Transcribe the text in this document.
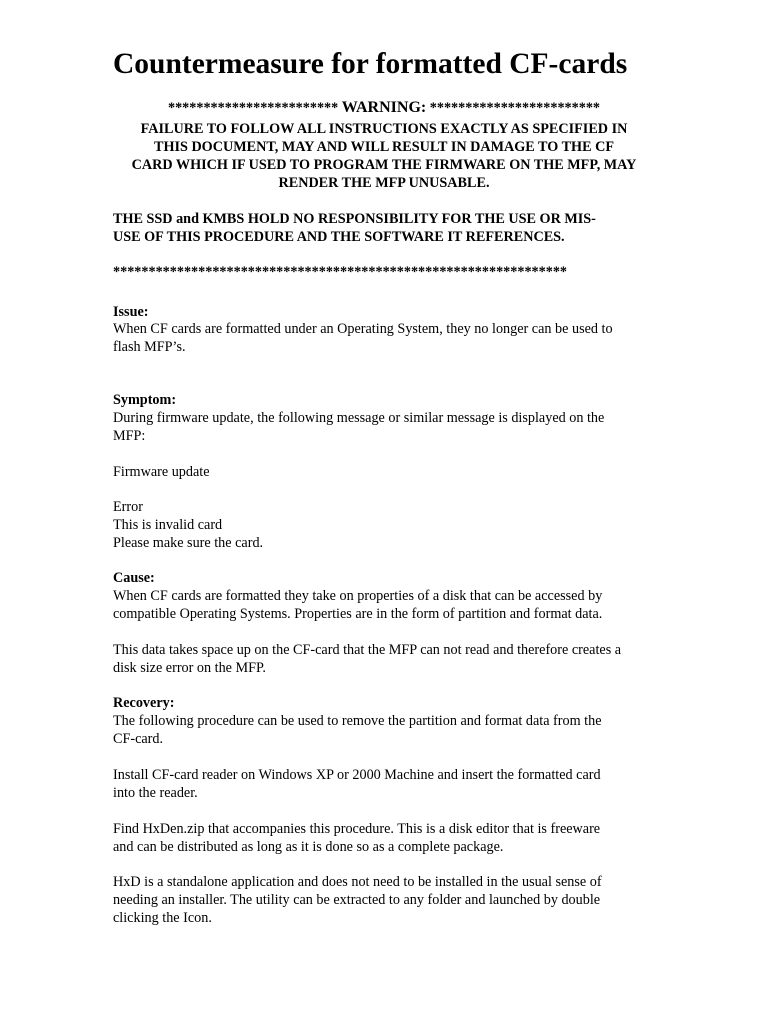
Countermeasure for formatted CF-cards
************************ WARNING: ************************

FAILURE TO FOLLOW ALL INSTRUCTIONS EXACTLY AS SPECIFIED IN
THIS DOCUMENT, MAY AND WILL RESULT IN DAMAGE TO THE CF
CARD WHICH IF USED TO PROGRAM THE FIRMWARE ON THE MFP, MAY
RENDER THE MFP UNUSABLE.

THE SSD and KMBS HOLD NO RESPONSIBILITY FOR THE USE OR MIS-
USE OF THIS PROCEDURE AND THE SOFTWARE IT REFERENCES.

****************************************************************
Issue:

When CF cards are formatted under an Operating System, they no longer can be used to
flash MFP’s.

Symptom:

During firmware update, the following message or similar message is displayed on the
MFP:

Firmware update

Error
This is invalid card
Please make sure the card.

Cause:

When CF cards are formatted they take on properties of a disk that can be accessed by
compatible Operating Systems. Properties are in the form of partition and format data.

This data takes space up on the CF-card that the MFP can not read and therefore creates a
disk size error on the MFP.

Recovery:

The following procedure can be used to remove the partition and format data from the
CF-card.

Install CF-card reader on Windows XP or 2000 Machine and insert the formatted card
into the reader.

Find HxDen.zip that accompanies this procedure. This is a disk editor that is freeware
and can be distributed as long as it is done so as a complete package.

HxD is a standalone application and does not need to be installed in the usual sense of
needing an installer. The utility can be extracted to any folder and launched by double
clicking the Icon.
